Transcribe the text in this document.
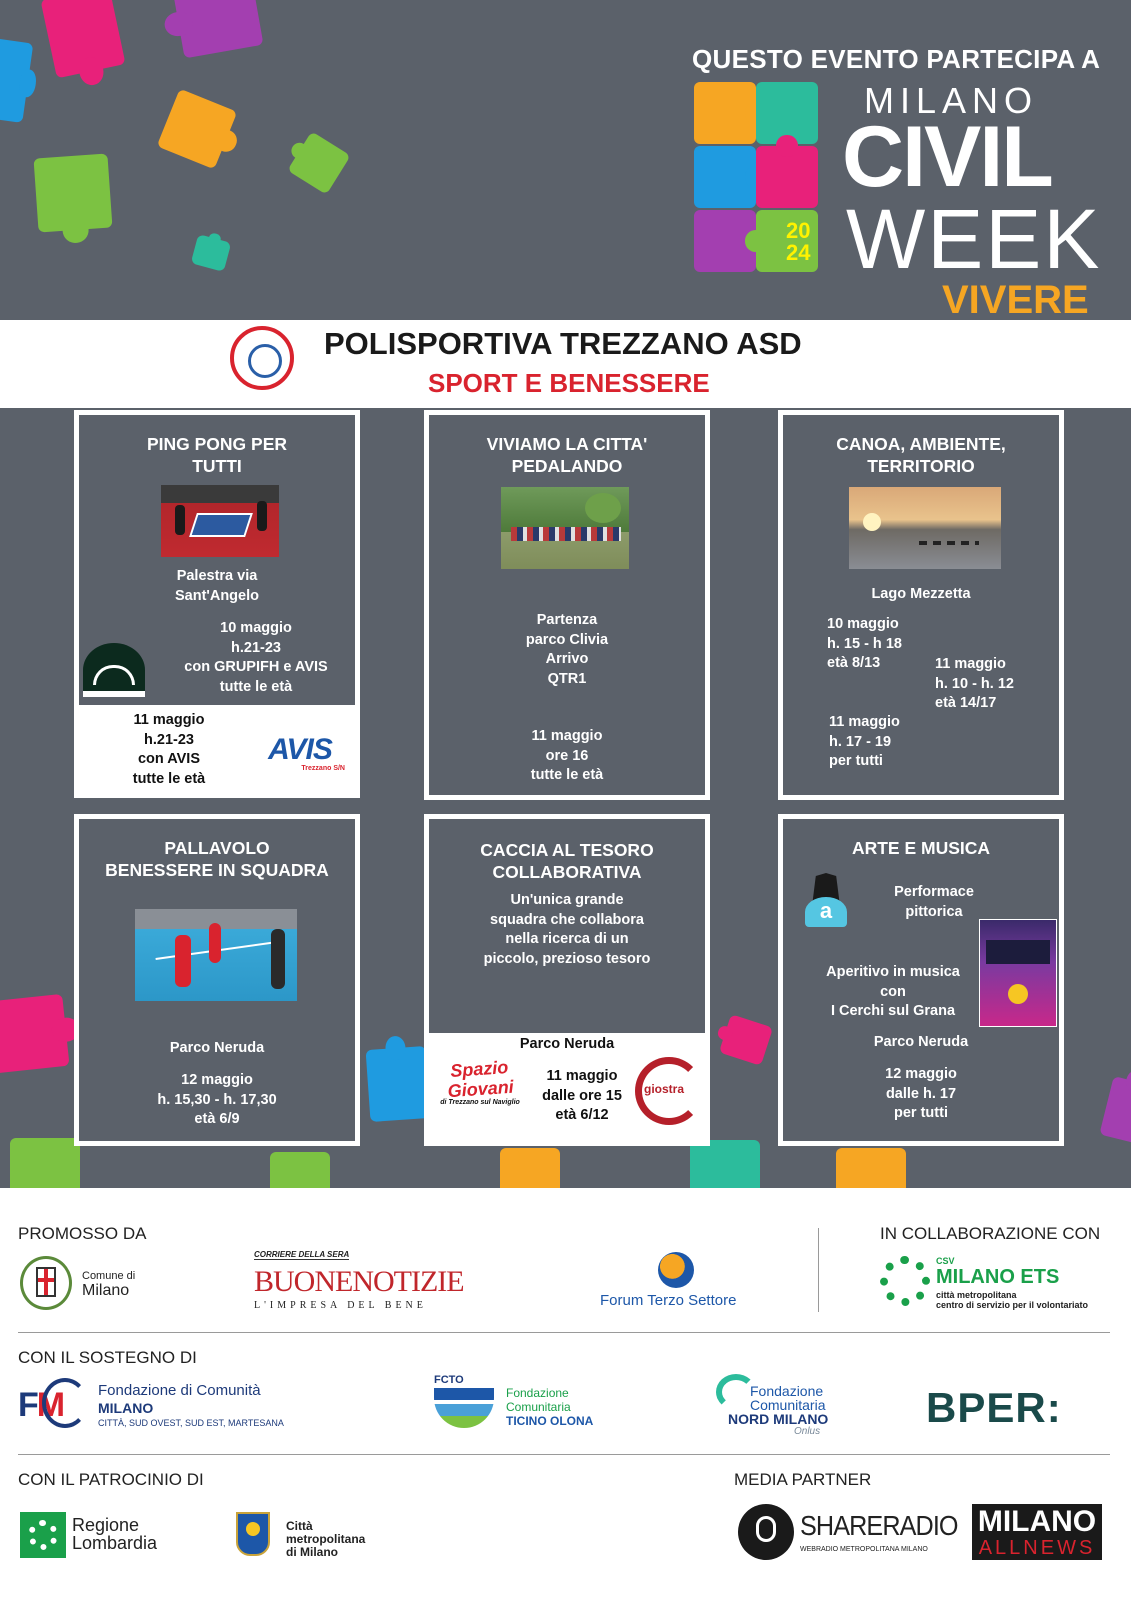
QUESTO EVENTO PARTECIPA A
20
24
MILANO
CIVIL
WEEK
VIVERE
POLISPORTIVA TREZZANO ASD
SPORT E BENESSERE
PING PONG PER
TUTTI
Palestra via
Sant'Angelo
10 maggio
h.21-23
con GRUPIFH e AVIS
tutte le età
11 maggio
h.21-23
con AVIS
tutte le età
AVIS
Trezzano S/N
VIVIAMO LA CITTA'
PEDALANDO
Partenza
parco Clivia
Arrivo
QTR1
11 maggio
ore 16
tutte le età
CANOA, AMBIENTE,
TERRITORIO
Lago Mezzetta
10 maggio
h. 15 - h 18
età 8/13	11 maggio
h. 10 - h. 12
età 14/17
11 maggio
h. 17 - 19
per tutti
PALLAVOLO
BENESSERE IN SQUADRA
Parco Neruda
12 maggio
h. 15,30 - h. 17,30
età 6/9
CACCIA AL TESORO
COLLABORATIVA
Un'unica grande
squadra che collabora
nella ricerca di un
piccolo, prezioso tesoro
Parco Neruda
Spazio Giovani
di Trezzano sul Naviglio
11 maggio
dalle ore 15
età 6/12
giostra
ARTE E MUSICA
a
Performace
pittorica
Aperitivo in musica
con
I Cerchi sul Grana
Parco Neruda
12 maggio
dalle h. 17
per tutti
PROMOSSO DA	IN COLLABORAZIONE CON
Comune di
Milano
CORRIERE DELLA SERA
BUONENOTIZIE
L'IMPRESA DEL BENE	Forum Terzo Settore
CSV
MILANO ETS
città metropolitana
centro di servizio per il volontariato
CON IL SOSTEGNO DI
FM Fondazione di Comunità
MILANO
CITTÀ, SUD OVEST, SUD EST, MARTESANA
FCTO
Fondazione
Comunitaria
TICINO OLONA
Fondazione
Comunitaria
NORD MILANO
Onlus
BPER:
CON IL PATROCINIO DI	MEDIA PARTNER
Regione
Lombardia
Città
metropolitana
di Milano
SHARERADIO
WEBRADIO METROPOLITANA MILANO
MILANO
ALLNEWS
